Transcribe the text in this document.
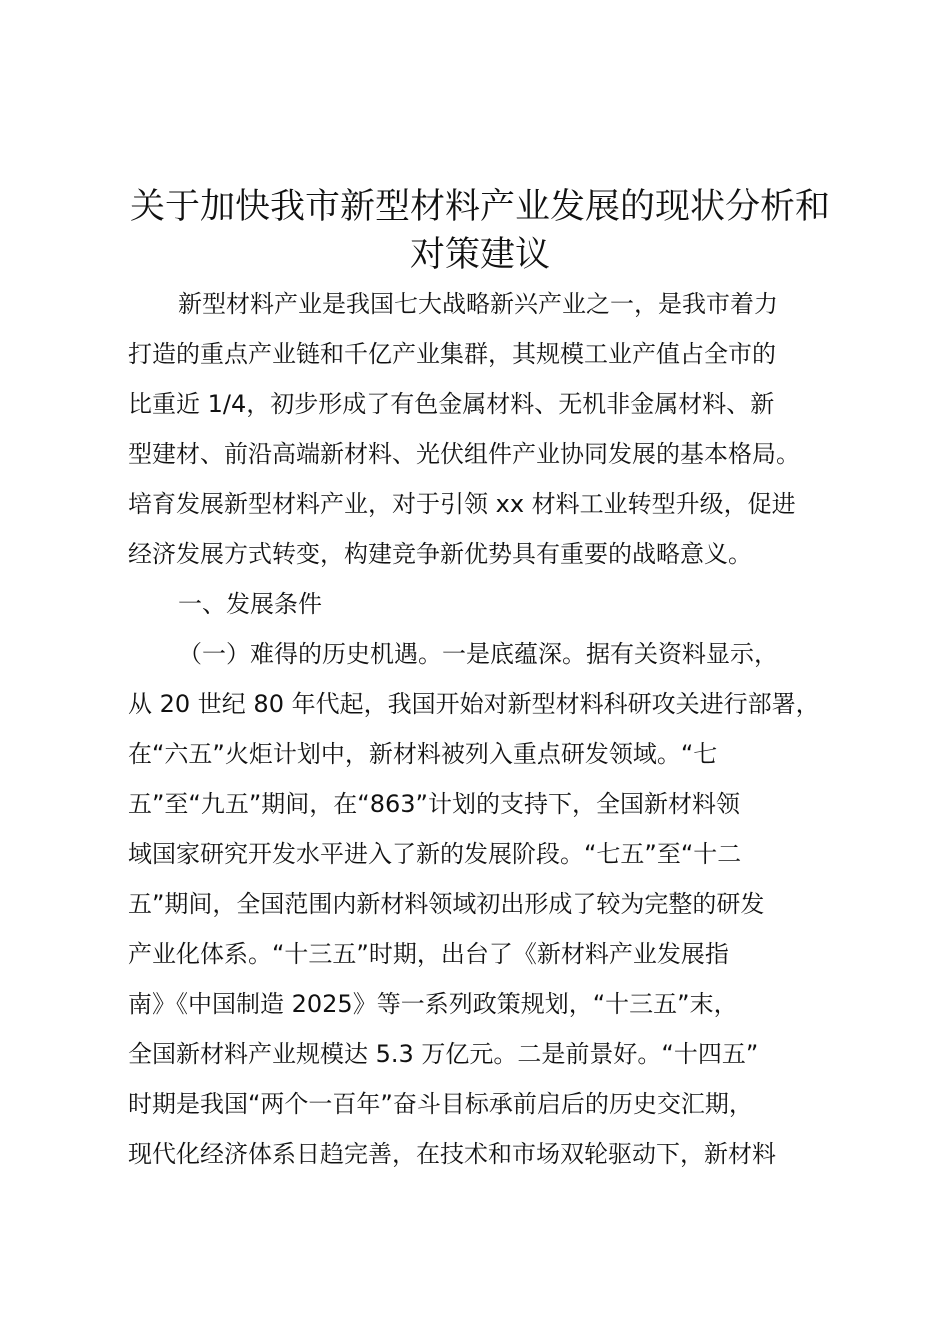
关于加快我市新型材料产业发展的现状分析和
对策建议
新型材料产业是我国七大战略新兴产业之一，是我市着力
打造的重点产业链和千亿产业集群，其规模工业产值占全市的
比重近 1/4，初步形成了有色金属材料、无机非金属材料、新
型建材、前沿高端新材料、光伏组件产业协同发展的基本格局。
培育发展新型材料产业，对于引领 xx 材料工业转型升级，促进
经济发展方式转变，构建竞争新优势具有重要的战略意义。
一、发展条件
（一）难得的历史机遇。一是底蕴深。据有关资料显示，
从 20 世纪 80 年代起，我国开始对新型材料科研攻关进行部署，
在“六五”火炬计划中，新材料被列入重点研发领域。“七
五”至“九五”期间，在“863”计划的支持下，全国新材料领
域国家研究开发水平进入了新的发展阶段。“七五”至“十二
五”期间，全国范围内新材料领域初出形成了较为完整的研发
产业化体系。“十三五”时期，出台了《新材料产业发展指
南》《中国制造 2025》等一系列政策规划，“十三五”末，
全国新材料产业规模达 5.3 万亿元。二是前景好。“十四五”
时期是我国“两个一百年”奋斗目标承前启后的历史交汇期，
现代化经济体系日趋完善，在技术和市场双轮驱动下，新材料
